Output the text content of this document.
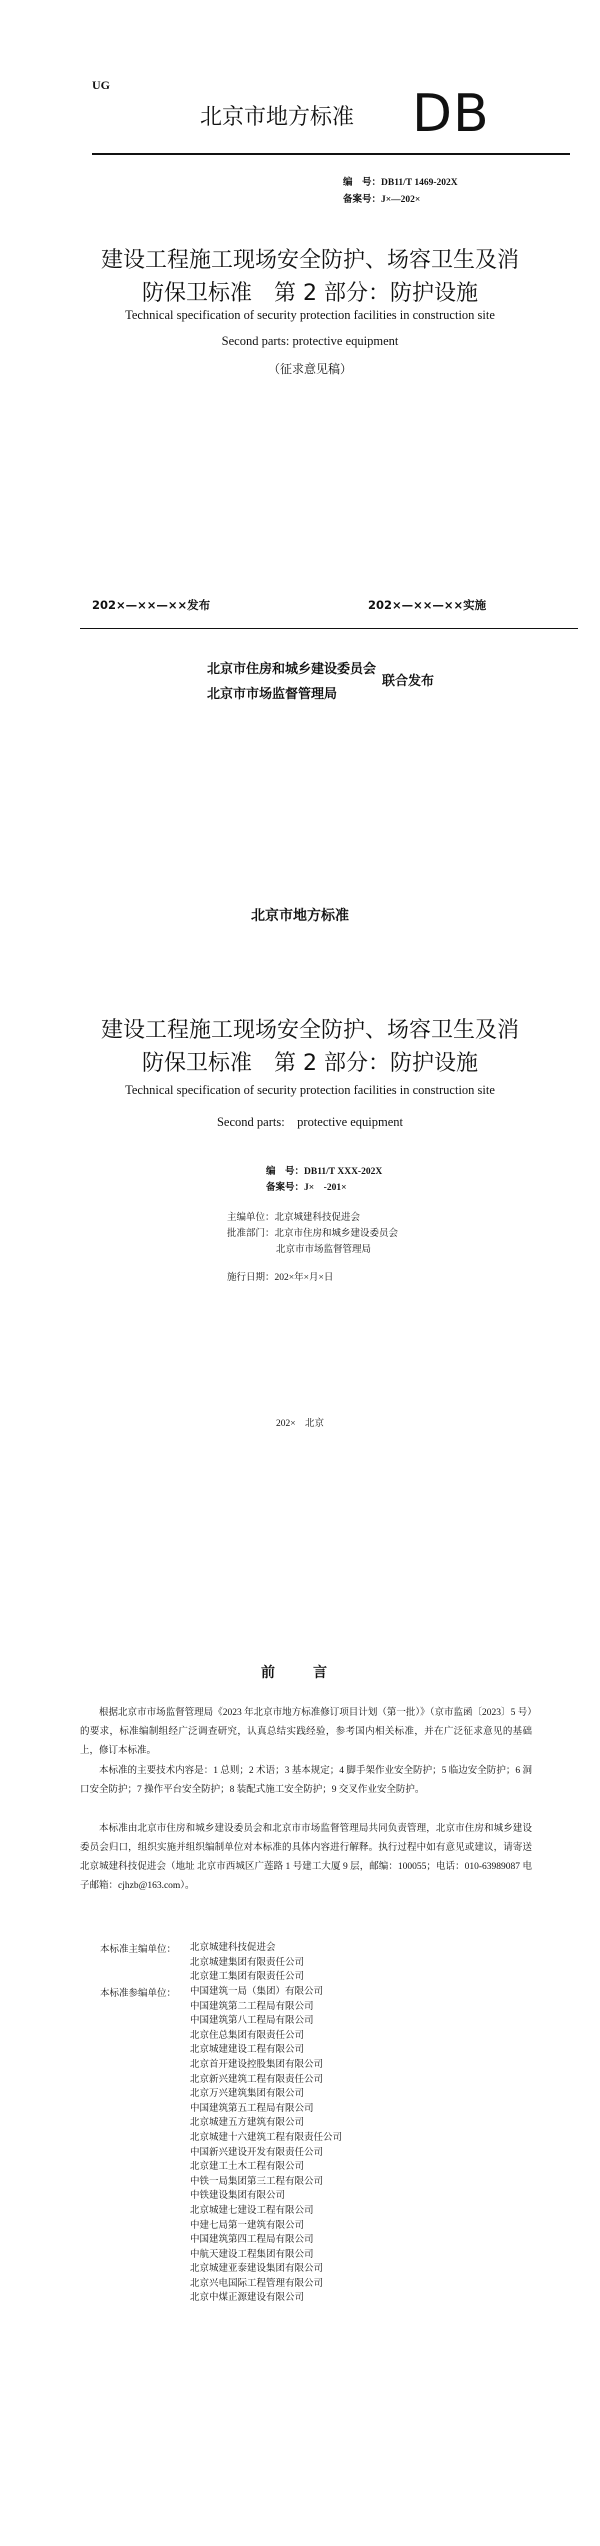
UG
北京市地方标准 DB
编　号：DB11/T 1469-202X
备案号：J×—202×
建设工程施工现场安全防护、场容卫生及消
防保卫标准　第 2 部分：防护设施
Technical specification of security protection facilities in construction site
Second parts: protective equipment
（征求意见稿）
202×—××—××发布	202×—××—××实施
北京市住房和城乡建设委员会
北京市市场监督管理局
联合发布
北京市地方标准
建设工程施工现场安全防护、场容卫生及消
防保卫标准　第 2 部分：防护设施
Technical specification of security protection facilities in construction site
Second parts:　protective equipment
编　号：DB11/T XXX-202X
备案号：J×　-201×
主编单位：北京城建科技促进会
批准部门：北京市住房和城乡建设委员会
北京市市场监督管理局
施行日期：202×年×月×日
202×　北京
前　言
根据北京市市场监督管理局《2023 年北京市地方标准修订项目计划（第一批）》（京市监函〔2023〕5 号）的要求，标准编制组经广泛调查研究，认真总结实践经验，参考国内相关标准，并在广泛征求意见的基础上，修订本标准。
本标准的主要技术内容是：1 总则；2 术语；3 基本规定；4 脚手架作业安全防护；5 临边安全防护；6 洞口安全防护；7 操作平台安全防护；8 装配式施工安全防护；9 交叉作业安全防护。
本标准由北京市住房和城乡建设委员会和北京市市场监督管理局共同负责管理，北京市住房和城乡建设委员会归口，组织实施并组织编制单位对本标准的具体内容进行解释。执行过程中如有意见或建议，请寄送北京城建科技促进会（地址 北京市西城区广莲路 1 号建工大厦 9 层，邮编：100055；电话：010-63989087 电子邮箱：cjhzb@163.com）。
本标准主编单位： 北京城建科技促进会
北京城建集团有限责任公司
北京建工集团有限责任公司
本标准参编单位： 中国建筑一局（集团）有限公司
中国建筑第二工程局有限公司
中国建筑第八工程局有限公司
北京住总集团有限责任公司
北京城建建设工程有限公司
北京首开建设控股集团有限公司
北京新兴建筑工程有限责任公司
北京万兴建筑集团有限公司
中国建筑第五工程局有限公司
北京城建五方建筑有限公司
北京城建十六建筑工程有限责任公司
中国新兴建设开发有限责任公司
北京建工土木工程有限公司
中铁一局集团第三工程有限公司
中铁建设集团有限公司
北京城建七建设工程有限公司
中建七局第一建筑有限公司
中国建筑第四工程局有限公司
中航天建设工程集团有限公司
北京城建亚泰建设集团有限公司
北京兴电国际工程管理有限公司
北京中煤正源建设有限公司
